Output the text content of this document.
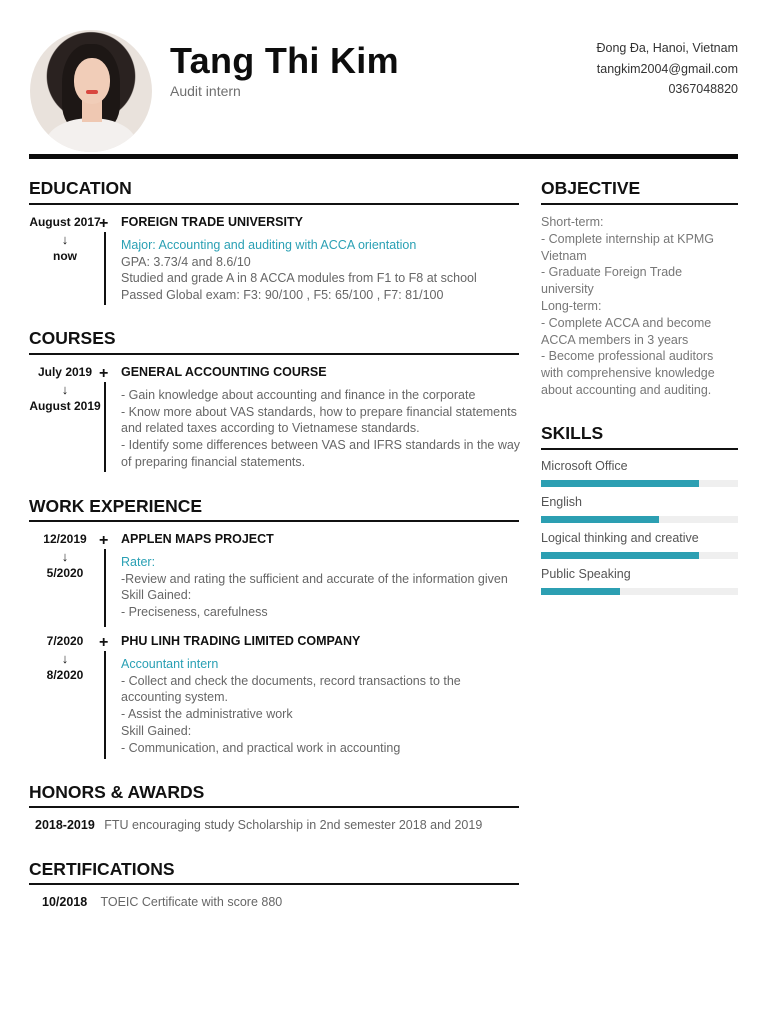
Tang Thi Kim
Audit intern
Đong Đa, Hanoi, Vietnam
tangkim2004@gmail.com
0367048820
EDUCATION
August 2017
↓
now
+ FOREIGN TRADE UNIVERSITY
Major: Accounting and auditing with ACCA orientation
GPA: 3.73/4 and 8.6/10
Studied and grade A in 8 ACCA modules from F1 to F8 at school
Passed Global exam: F3: 90/100 , F5: 65/100 , F7: 81/100
COURSES
July 2019
↓
August 2019
+ GENERAL ACCOUNTING COURSE
- Gain knowledge about accounting and finance in the corporate
- Know more about VAS standards, how to prepare financial statements and related taxes according to Vietnamese standards.
- Identify some differences between VAS and IFRS standards in the way of preparing financial statements.
WORK EXPERIENCE
12/2019
↓
5/2020
+ APPLEN MAPS PROJECT
Rater:
-Review and rating the sufficient and accurate of the information given
Skill Gained:
- Preciseness, carefulness
7/2020
↓
8/2020
+ PHU LINH TRADING LIMITED COMPANY
Accountant intern
- Collect and check the documents, record transactions to the accounting system.
- Assist the administrative work
Skill Gained:
- Communication, and practical work in accounting
HONORS & AWARDS
2018-2019 FTU encouraging study Scholarship in 2nd semester 2018 and 2019
CERTIFICATIONS
10/2018 TOEIC Certificate with score 880
OBJECTIVE
Short-term:
- Complete internship at KPMG Vietnam
- Graduate Foreign Trade university
Long-term:
- Complete ACCA and become ACCA members in 3 years
- Become professional auditors with comprehensive knowledge about accounting and auditing.
SKILLS
Microsoft Office
English
Logical thinking and creative
Public Speaking
